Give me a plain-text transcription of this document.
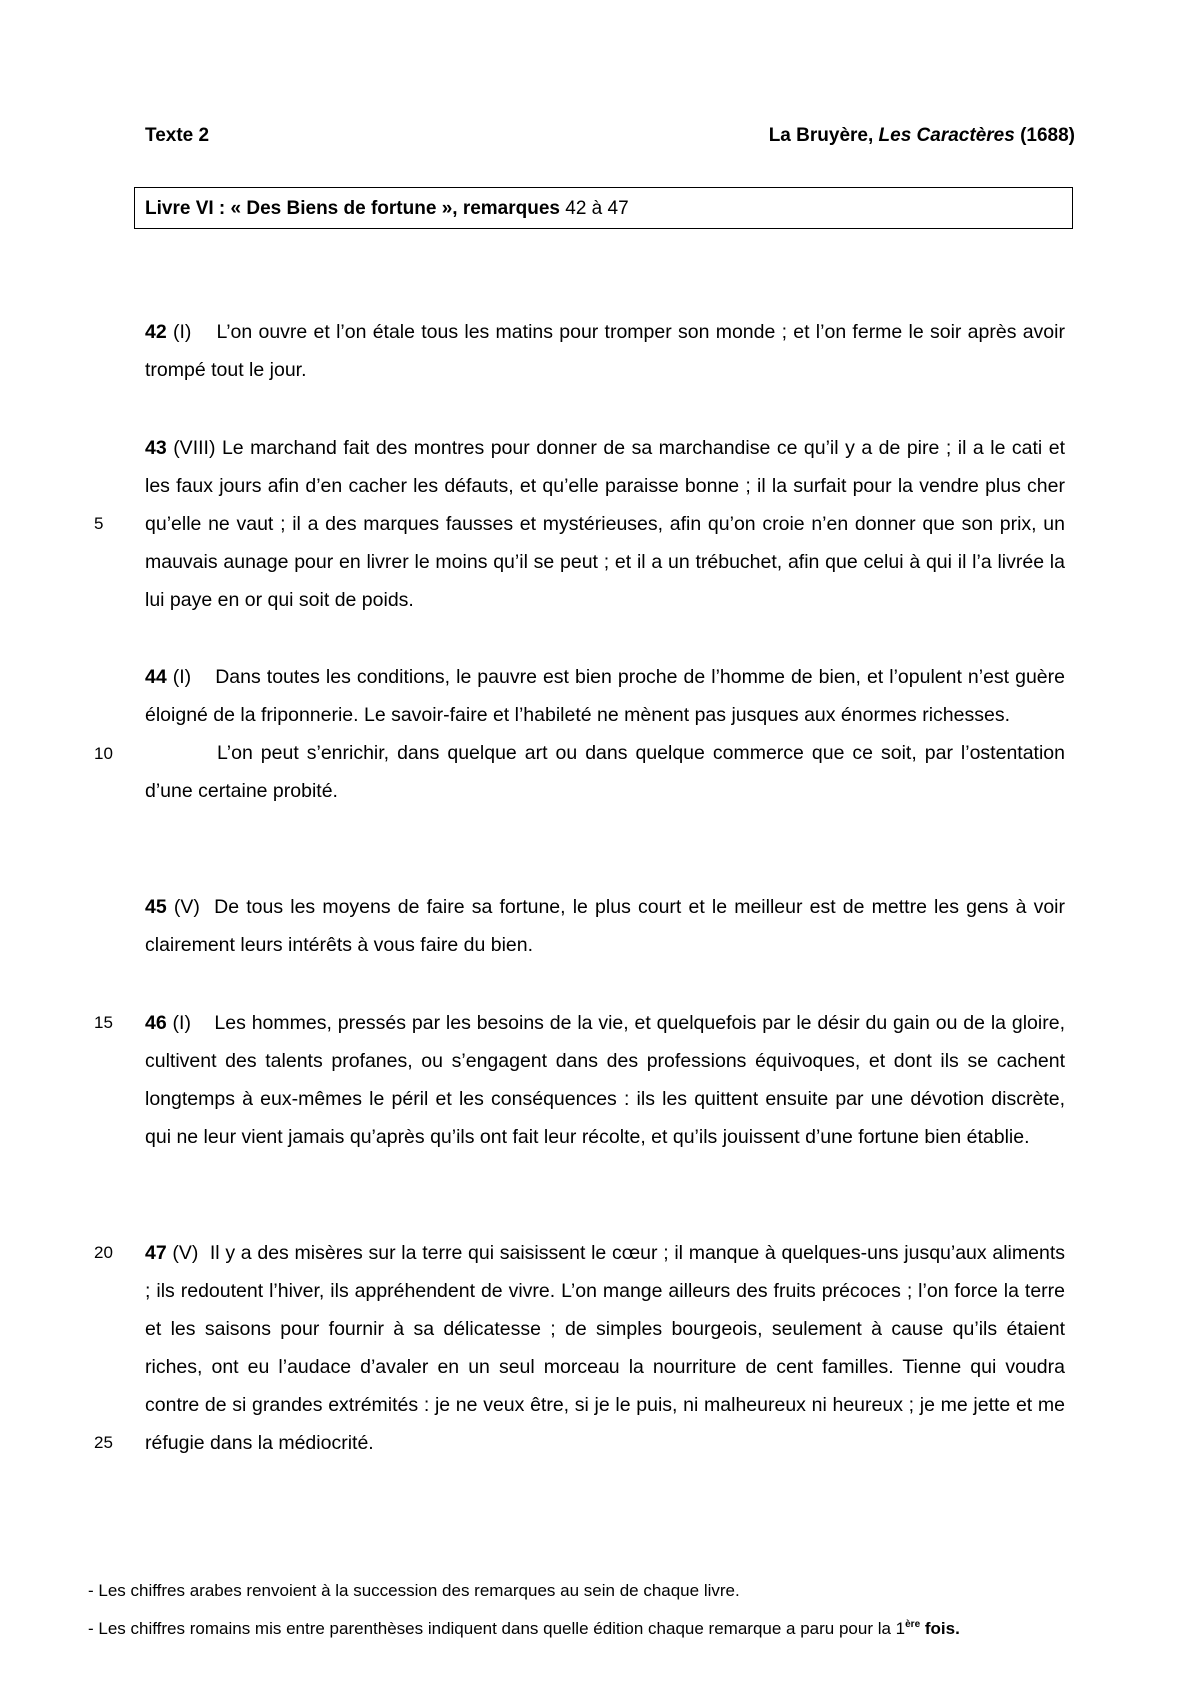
Texte 2	La Bruyère, Les Caractères (1688)
Livre VI : « Des Biens de fortune », remarques 42 à 47
42 (I)    L’on ouvre et l’on étale tous les matins pour tromper son monde ; et l’on ferme le soir après avoir trompé tout le jour.
43 (VIII) Le marchand fait des montres pour donner de sa marchandise ce qu’il y a de pire ; il a le cati et les faux jours afin d’en cacher les défauts, et qu’elle paraisse bonne ; il la surfait pour la vendre plus cher qu’elle ne vaut ; il a des marques fausses et mystérieuses, afin qu’on croie n’en donner que son prix, un mauvais aunage pour en livrer le moins qu’il se peut ; et il a un trébuchet, afin que celui à qui il l’a livrée la lui paye en or qui soit de poids.
44 (I)    Dans toutes les conditions, le pauvre est bien proche de l’homme de bien, et l’opulent n’est guère éloigné de la friponnerie. Le savoir-faire et l’habileté ne mènent pas jusques aux énormes richesses.
L’on peut s’enrichir, dans quelque art ou dans quelque commerce que ce soit, par l’ostentation d’une certaine probité.
45 (V)  De tous les moyens de faire sa fortune, le plus court et le meilleur est de mettre les gens à voir clairement leurs intérêts à vous faire du bien.
46 (I)    Les hommes, pressés par les besoins de la vie, et quelquefois par le désir du gain ou de la gloire, cultivent des talents profanes, ou s’engagent dans des professions équivoques, et dont ils se cachent longtemps à eux-mêmes le péril et les conséquences : ils les quittent ensuite par une dévotion discrète, qui ne leur vient jamais qu’après qu’ils ont fait leur récolte, et qu’ils jouissent d’une fortune bien établie.
47 (V)  Il y a des misères sur la terre qui saisissent le cœur ; il manque à quelques-uns jusqu’aux aliments ; ils redoutent l’hiver, ils appréhendent de vivre. L’on mange ailleurs des fruits précoces ; l’on force la terre et les saisons pour fournir à sa délicatesse ; de simples bourgeois, seulement à cause qu’ils étaient riches, ont eu l’audace d’avaler en un seul morceau la nourriture de cent familles. Tienne qui voudra contre de si grandes extrémités : je ne veux être, si je le puis, ni malheureux ni heureux ; je me jette et me réfugie dans la médiocrité.
5
10
15
20
25
- Les chiffres arabes renvoient à la succession des remarques au sein de chaque livre.
- Les chiffres romains mis entre parenthèses indiquent dans quelle édition chaque remarque a paru pour la 1ère fois.
